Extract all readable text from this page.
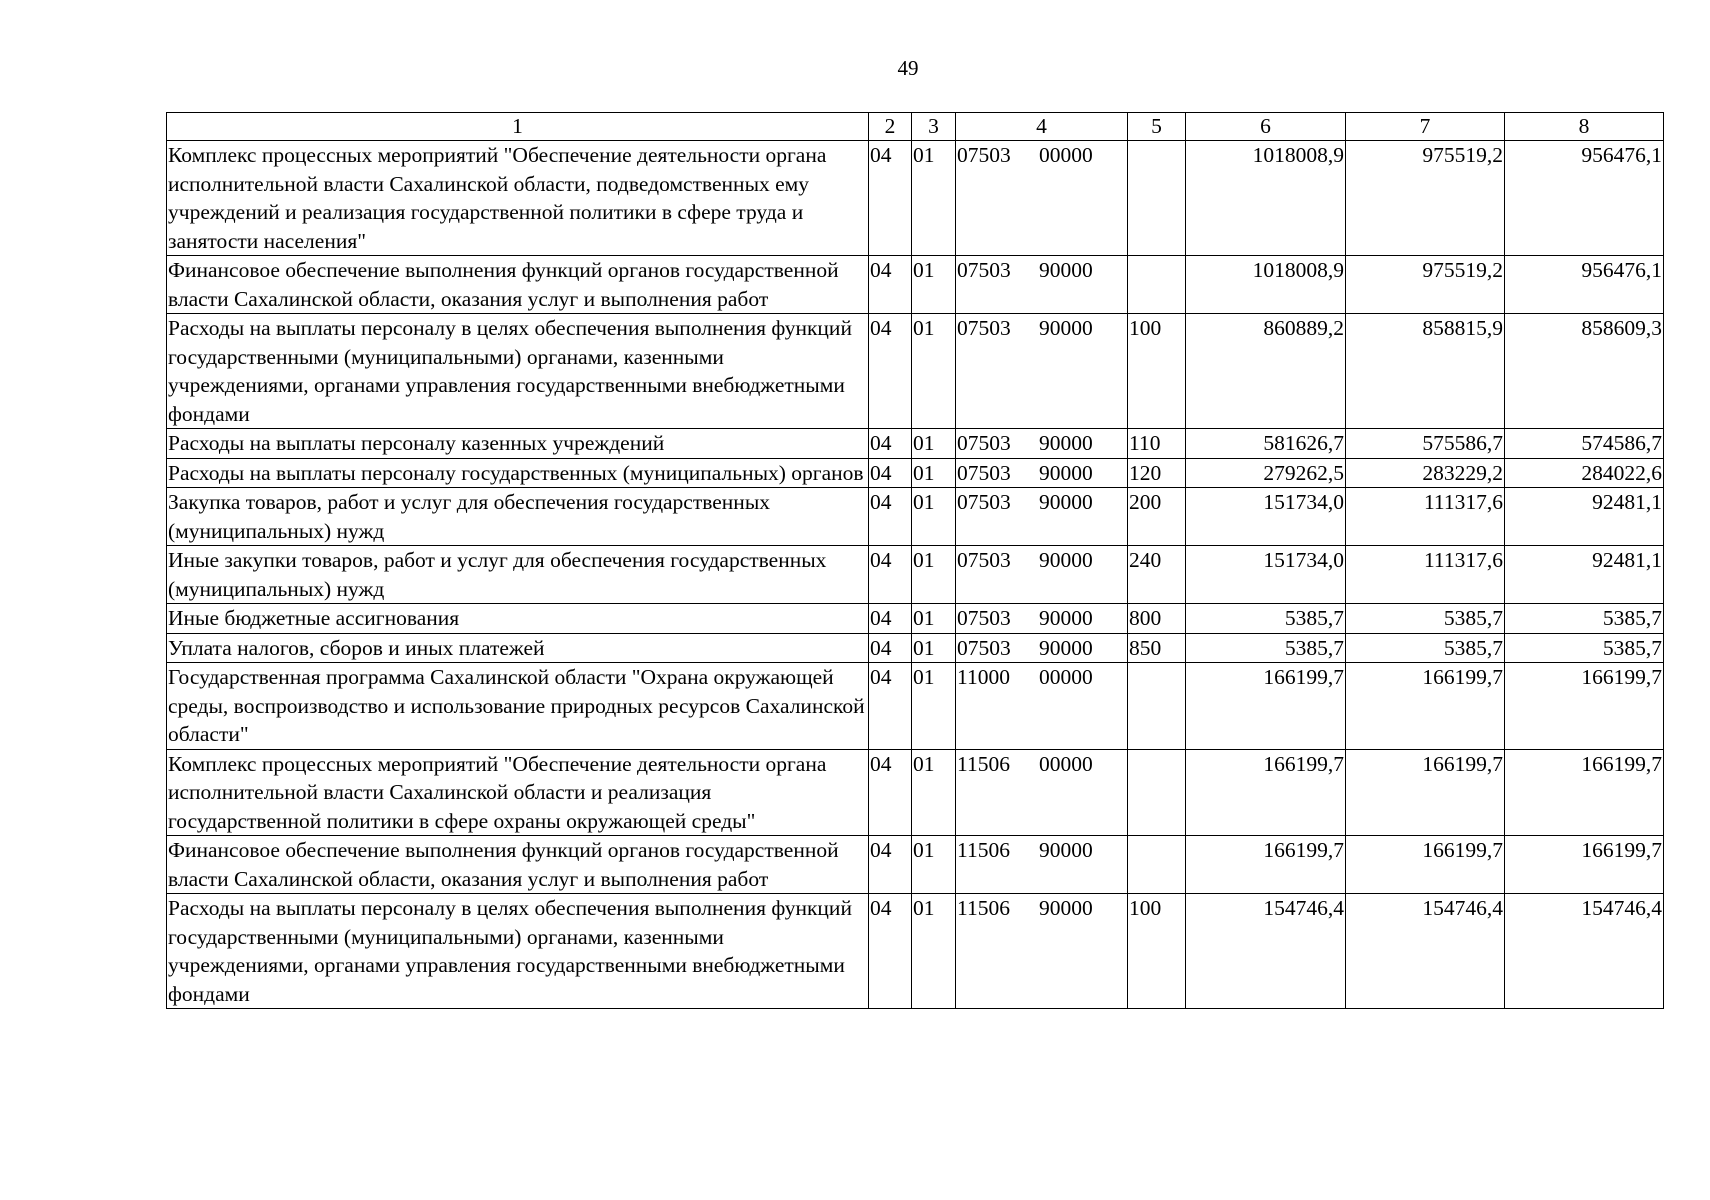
49
1	2	3	4	5	6	7	8
Комплекс процессных мероприятий "Обеспечение деятельности органа исполнительной власти Сахалинской области, подведомственных ему учреждений и реализация государственной политики в сфере труда и занятости населения"	04	01	07503 00000		1018008,9	975519,2	956476,1
Финансовое обеспечение выполнения функций органов государственной власти Сахалинской области, оказания услуг и выполнения работ	04	01	07503 90000		1018008,9	975519,2	956476,1
Расходы на выплаты персоналу в целях обеспечения выполнения функций государственными (муниципальными) органами, казенными учреждениями, органами управления государственными внебюджетными фондами	04	01	07503 90000	100	860889,2	858815,9	858609,3
Расходы на выплаты персоналу казенных учреждений	04	01	07503 90000	110	581626,7	575586,7	574586,7
Расходы на выплаты персоналу государственных (муниципальных) органов	04	01	07503 90000	120	279262,5	283229,2	284022,6
Закупка товаров, работ и услуг для обеспечения государственных (муниципальных) нужд	04	01	07503 90000	200	151734,0	111317,6	92481,1
Иные закупки товаров, работ и услуг для обеспечения государственных (муниципальных) нужд	04	01	07503 90000	240	151734,0	111317,6	92481,1
Иные бюджетные ассигнования	04	01	07503 90000	800	5385,7	5385,7	5385,7
Уплата налогов, сборов и иных платежей	04	01	07503 90000	850	5385,7	5385,7	5385,7
Государственная программа Сахалинской области "Охрана окружающей среды, воспроизводство и использование природных ресурсов Сахалинской области"	04	01	11000 00000		166199,7	166199,7	166199,7
Комплекс процессных мероприятий "Обеспечение деятельности органа исполнительной власти Сахалинской области и реализация государственной политики в сфере охраны окружающей среды"	04	01	11506 00000		166199,7	166199,7	166199,7
Финансовое обеспечение выполнения функций органов государственной власти Сахалинской области, оказания услуг и выполнения работ	04	01	11506 90000		166199,7	166199,7	166199,7
Расходы на выплаты персоналу в целях обеспечения выполнения функций государственными (муниципальными) органами, казенными учреждениями, органами управления государственными внебюджетными фондами	04	01	11506 90000	100	154746,4	154746,4	154746,4
